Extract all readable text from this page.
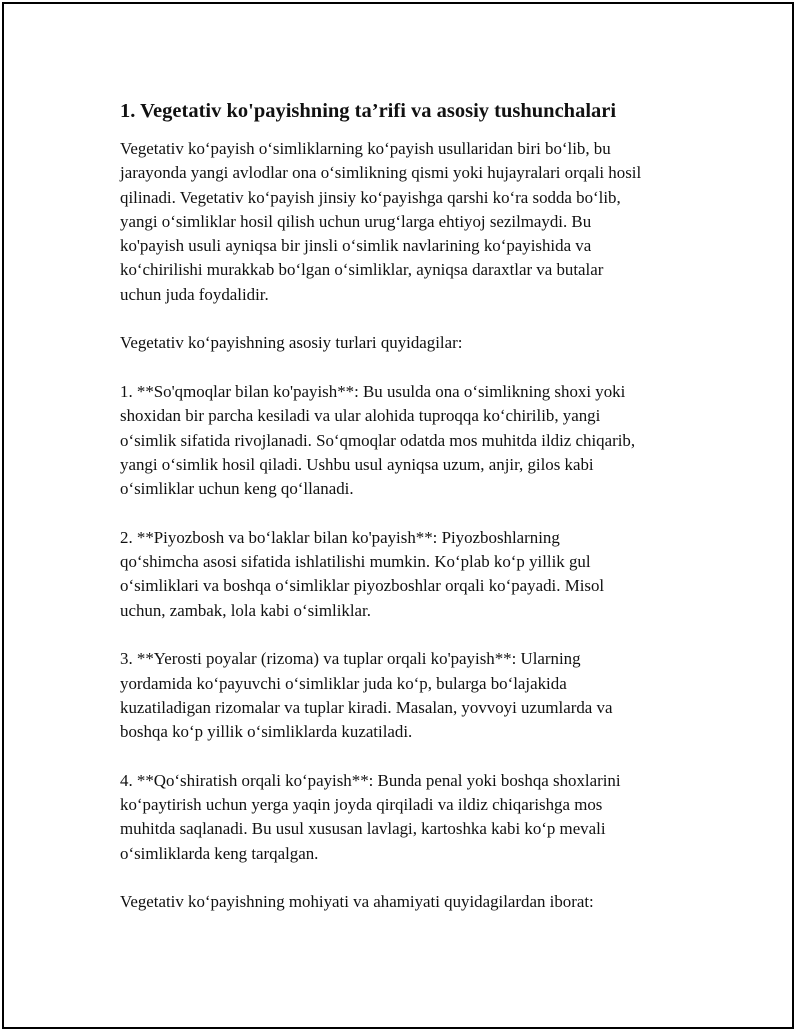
1. Vegetativ ko'payishning ta’rifi va asosiy tushunchalari

Vegetativ koʻpayish oʻsimliklarning koʻpayish usullaridan biri boʻlib, bu
jarayonda yangi avlodlar ona oʻsimlikning qismi yoki hujayralari orqali hosil
qilinadi. Vegetativ koʻpayish jinsiy koʻpayishga qarshi koʻra sodda boʻlib,
yangi oʻsimliklar hosil qilish uchun urugʻlarga ehtiyoj sezilmaydi. Bu
ko'payish usuli ayniqsa bir jinsli oʻsimlik navlarining koʻpayishida va
koʻchirilishi murakkab boʻlgan oʻsimliklar, ayniqsa daraxtlar va butalar
uchun juda foydalidir.

Vegetativ koʻpayishning asosiy turlari quyidagilar:

1. **So'qmoqlar bilan ko'payish**: Bu usulda ona oʻsimlikning shoxi yoki
shoxidan bir parcha kesiladi va ular alohida tuproqqa koʻchirilib, yangi
oʻsimlik sifatida rivojlanadi. Soʻqmoqlar odatda mos muhitda ildiz chiqarib,
yangi oʻsimlik hosil qiladi. Ushbu usul ayniqsa uzum, anjir, gilos kabi
oʻsimliklar uchun keng qoʻllanadi.

2. **Piyozbosh va boʻlaklar bilan ko'payish**: Piyozboshlarning
qoʻshimcha asosi sifatida ishlatilishi mumkin. Koʻplab koʻp yillik gul
oʻsimliklari va boshqa oʻsimliklar piyozboshlar orqali koʻpayadi. Misol
uchun, zambak, lola kabi oʻsimliklar.

3. **Yerosti poyalar (rizoma) va tuplar orqali ko'payish**: Ularning
yordamida koʻpayuvchi oʻsimliklar juda koʻp, bularga boʻlajakida
kuzatiladigan rizomalar va tuplar kiradi. Masalan, yovvoyi uzumlarda va
boshqa koʻp yillik oʻsimliklarda kuzatiladi.

4. **Qoʻshiratish orqali koʻpayish**: Bunda penal yoki boshqa shoxlarini
koʻpaytirish uchun yerga yaqin joyda qirqiladi va ildiz chiqarishga mos
muhitda saqlanadi. Bu usul xususan lavlagi, kartoshka kabi koʻp mevali
oʻsimliklarda keng tarqalgan.

Vegetativ koʻpayishning mohiyati va ahamiyati quyidagilardan iborat:
